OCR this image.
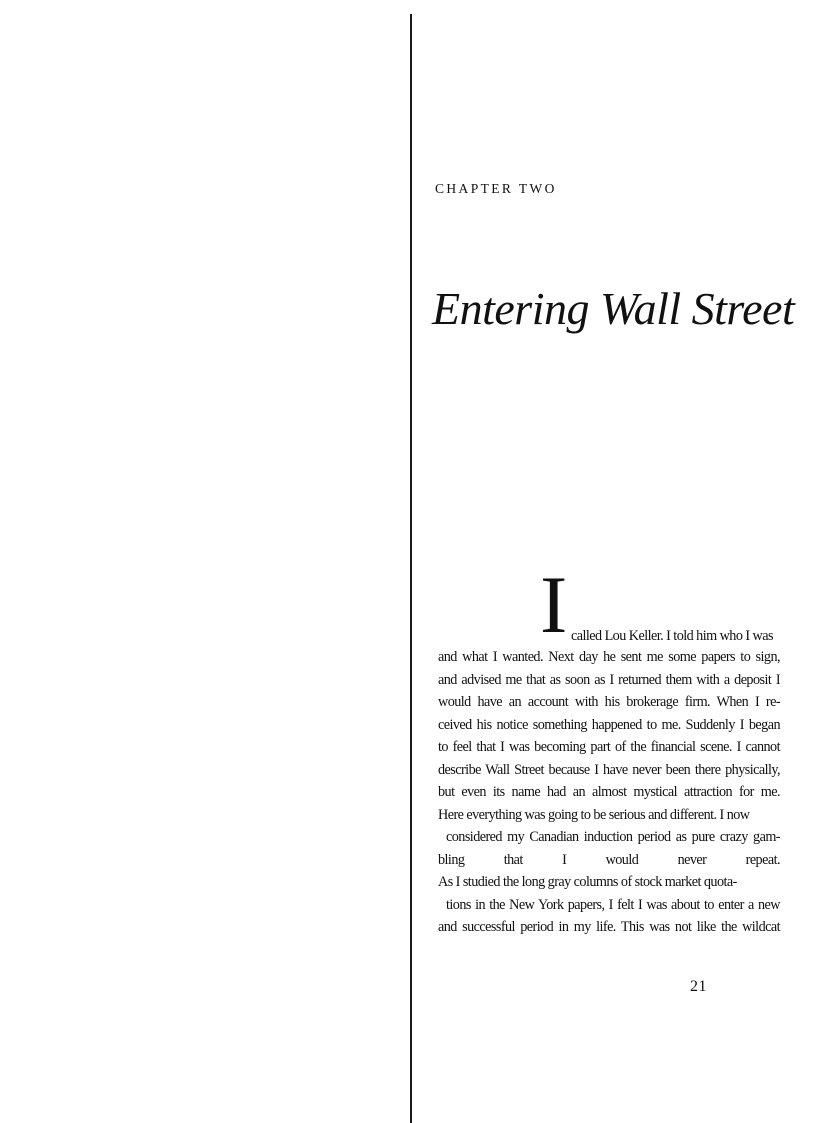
CHAPTER TWO
Entering Wall Street
I called Lou Keller. I told him who I was
and what I wanted. Next day he sent me some papers to sign,
and advised me that as soon as I returned them with a deposit I
would have an account with his brokerage firm. When I re-
ceived his notice something happened to me. Suddenly I began
to feel that I was becoming part of the financial scene. I cannot
describe Wall Street because I have never been there physically,
but even its name had an almost mystical attraction for me.
Here everything was going to be serious and different. I now
considered my Canadian induction period as pure crazy gam-
bling that I would never repeat.
As I studied the long gray columns of stock market quota-
tions in the New York papers, I felt I was about to enter a new
and successful period in my life. This was not like the wildcat

21
